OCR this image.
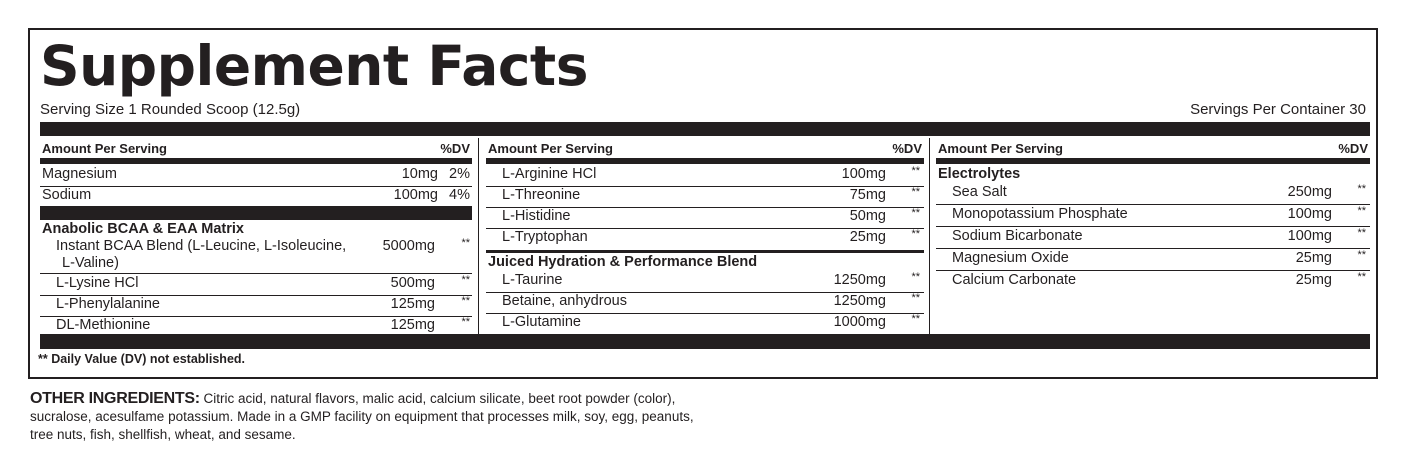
Supplement Facts
Serving Size 1 Rounded Scoop (12.5g)	Servings Per Container 30
Amount Per Serving	%DV
Magnesium	10mg 2%
Sodium	100mg 4%
Anabolic BCAA & EAA Matrix
Instant BCAA Blend (L-Leucine, L-Isoleucine,
L-Valine)
5000mg **
L-Lysine HCl	500mg **
L-Phenylalanine	125mg **
DL-Methionine	125mg **
Amount Per Serving	%DV
L-Arginine HCl	100mg **
L-Threonine	75mg **
L-Histidine	50mg **
L-Tryptophan	25mg **
Juiced Hydration & Performance Blend
L-Taurine	1250mg **
Betaine, anhydrous	1250mg **
L-Glutamine	1000mg **
Amount Per Serving	%DV
Electrolytes
Sea Salt	250mg **
Monopotassium Phosphate	100mg **
Sodium Bicarbonate	100mg **
Magnesium Oxide	25mg **
Calcium Carbonate	25mg **
** Daily Value (DV) not established.
OTHER INGREDIENTS: Citric acid, natural flavors, malic acid, calcium silicate, beet root powder (color),
sucralose, acesulfame potassium. Made in a GMP facility on equipment that processes milk, soy, egg, peanuts,
tree nuts, fish, shellfish, wheat, and sesame.
